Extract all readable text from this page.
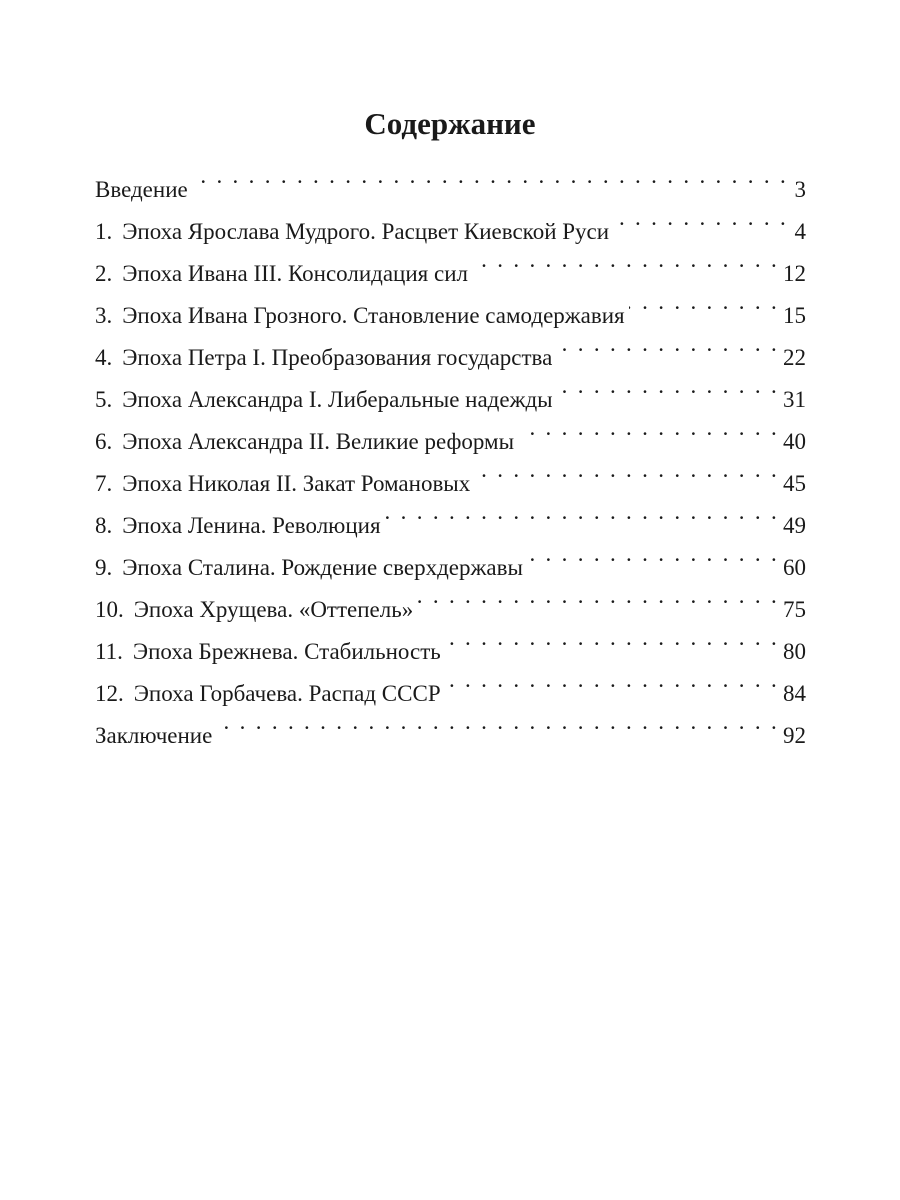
Содержание
Введение . . .	3
1. Эпоха Ярослава Мудрого. Расцвет Киевской Руси . . .	4
2. Эпоха Ивана III. Консолидация сил . . .	12
3. Эпоха Ивана Грозного. Становление самодержавия . . .	15
4. Эпоха Петра I. Преобразования государства . . .	22
5. Эпоха Александра I. Либеральные надежды . . .	31
6. Эпоха Александра II. Великие реформы . . .	40
7. Эпоха Николая II. Закат Романовых . . .	45
8. Эпоха Ленина. Революция . . .	49
9. Эпоха Сталина. Рождение сверхдержавы . . .	60
10. Эпоха Хрущева. «Оттепель» . . .	75
11. Эпоха Брежнева. Стабильность . . .	80
12. Эпоха Горбачева. Распад СССР . . .	84
Заключение . . .	92
